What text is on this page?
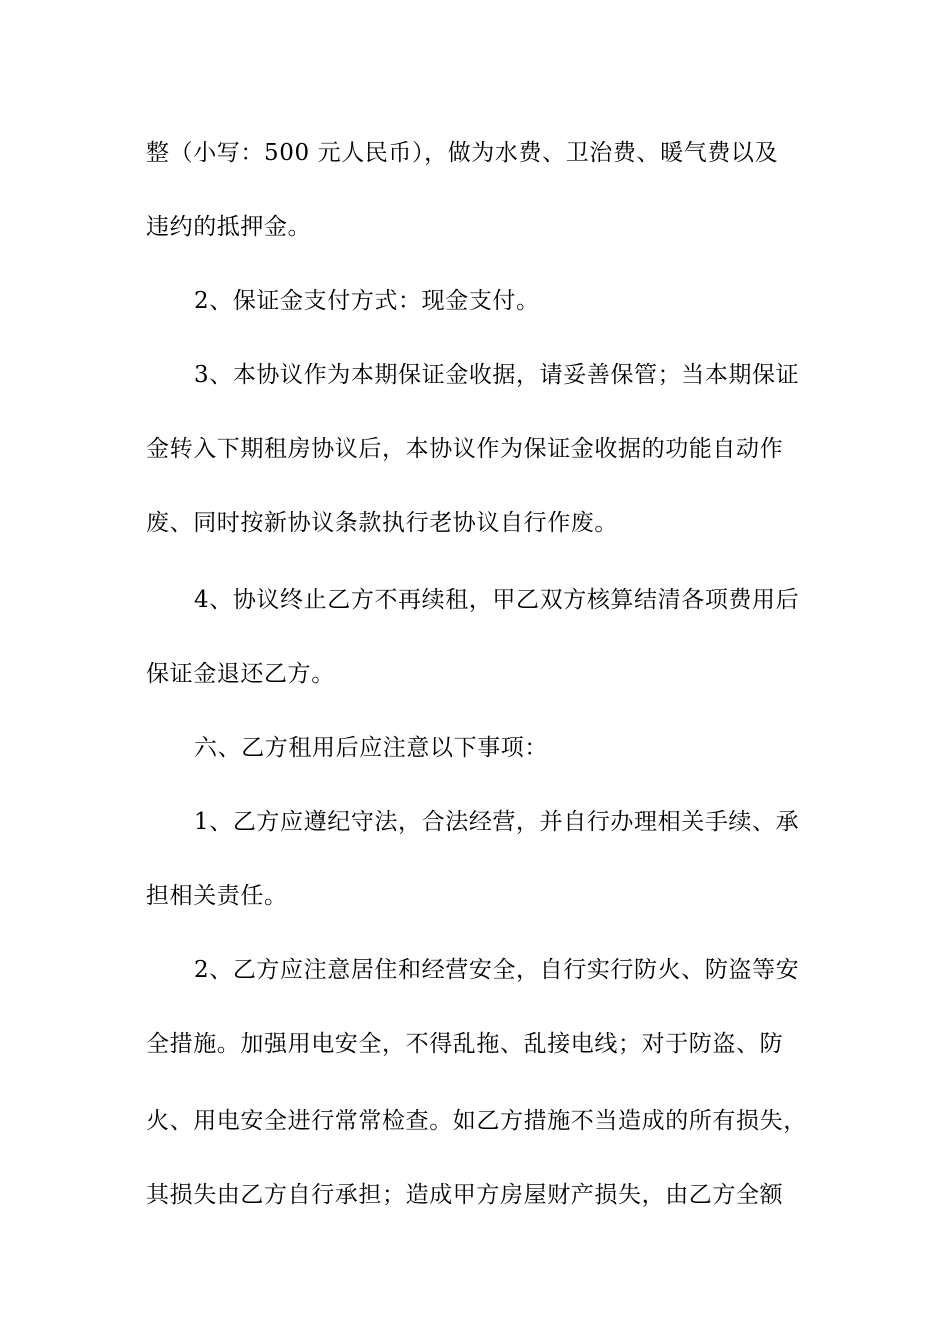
整（小写：500 元人民币），做为水费、卫治费、暖气费以及
违约的抵押金。
2、保证金支付方式：现金支付。
3、本协议作为本期保证金收据，请妥善保管；当本期保证
金转入下期租房协议后，本协议作为保证金收据的功能自动作
废、同时按新协议条款执行老协议自行作废。
4、协议终止乙方不再续租，甲乙双方核算结清各项费用后
保证金退还乙方。
六、乙方租用后应注意以下事项：
1、乙方应遵纪守法，合法经营，并自行办理相关手续、承
担相关责任。
2、乙方应注意居住和经营安全，自行实行防火、防盗等安
全措施。加强用电安全，不得乱拖、乱接电线；对于防盗、防
火、用电安全进行常常检查。如乙方措施不当造成的所有损失，
其损失由乙方自行承担；造成甲方房屋财产损失，由乙方全额
